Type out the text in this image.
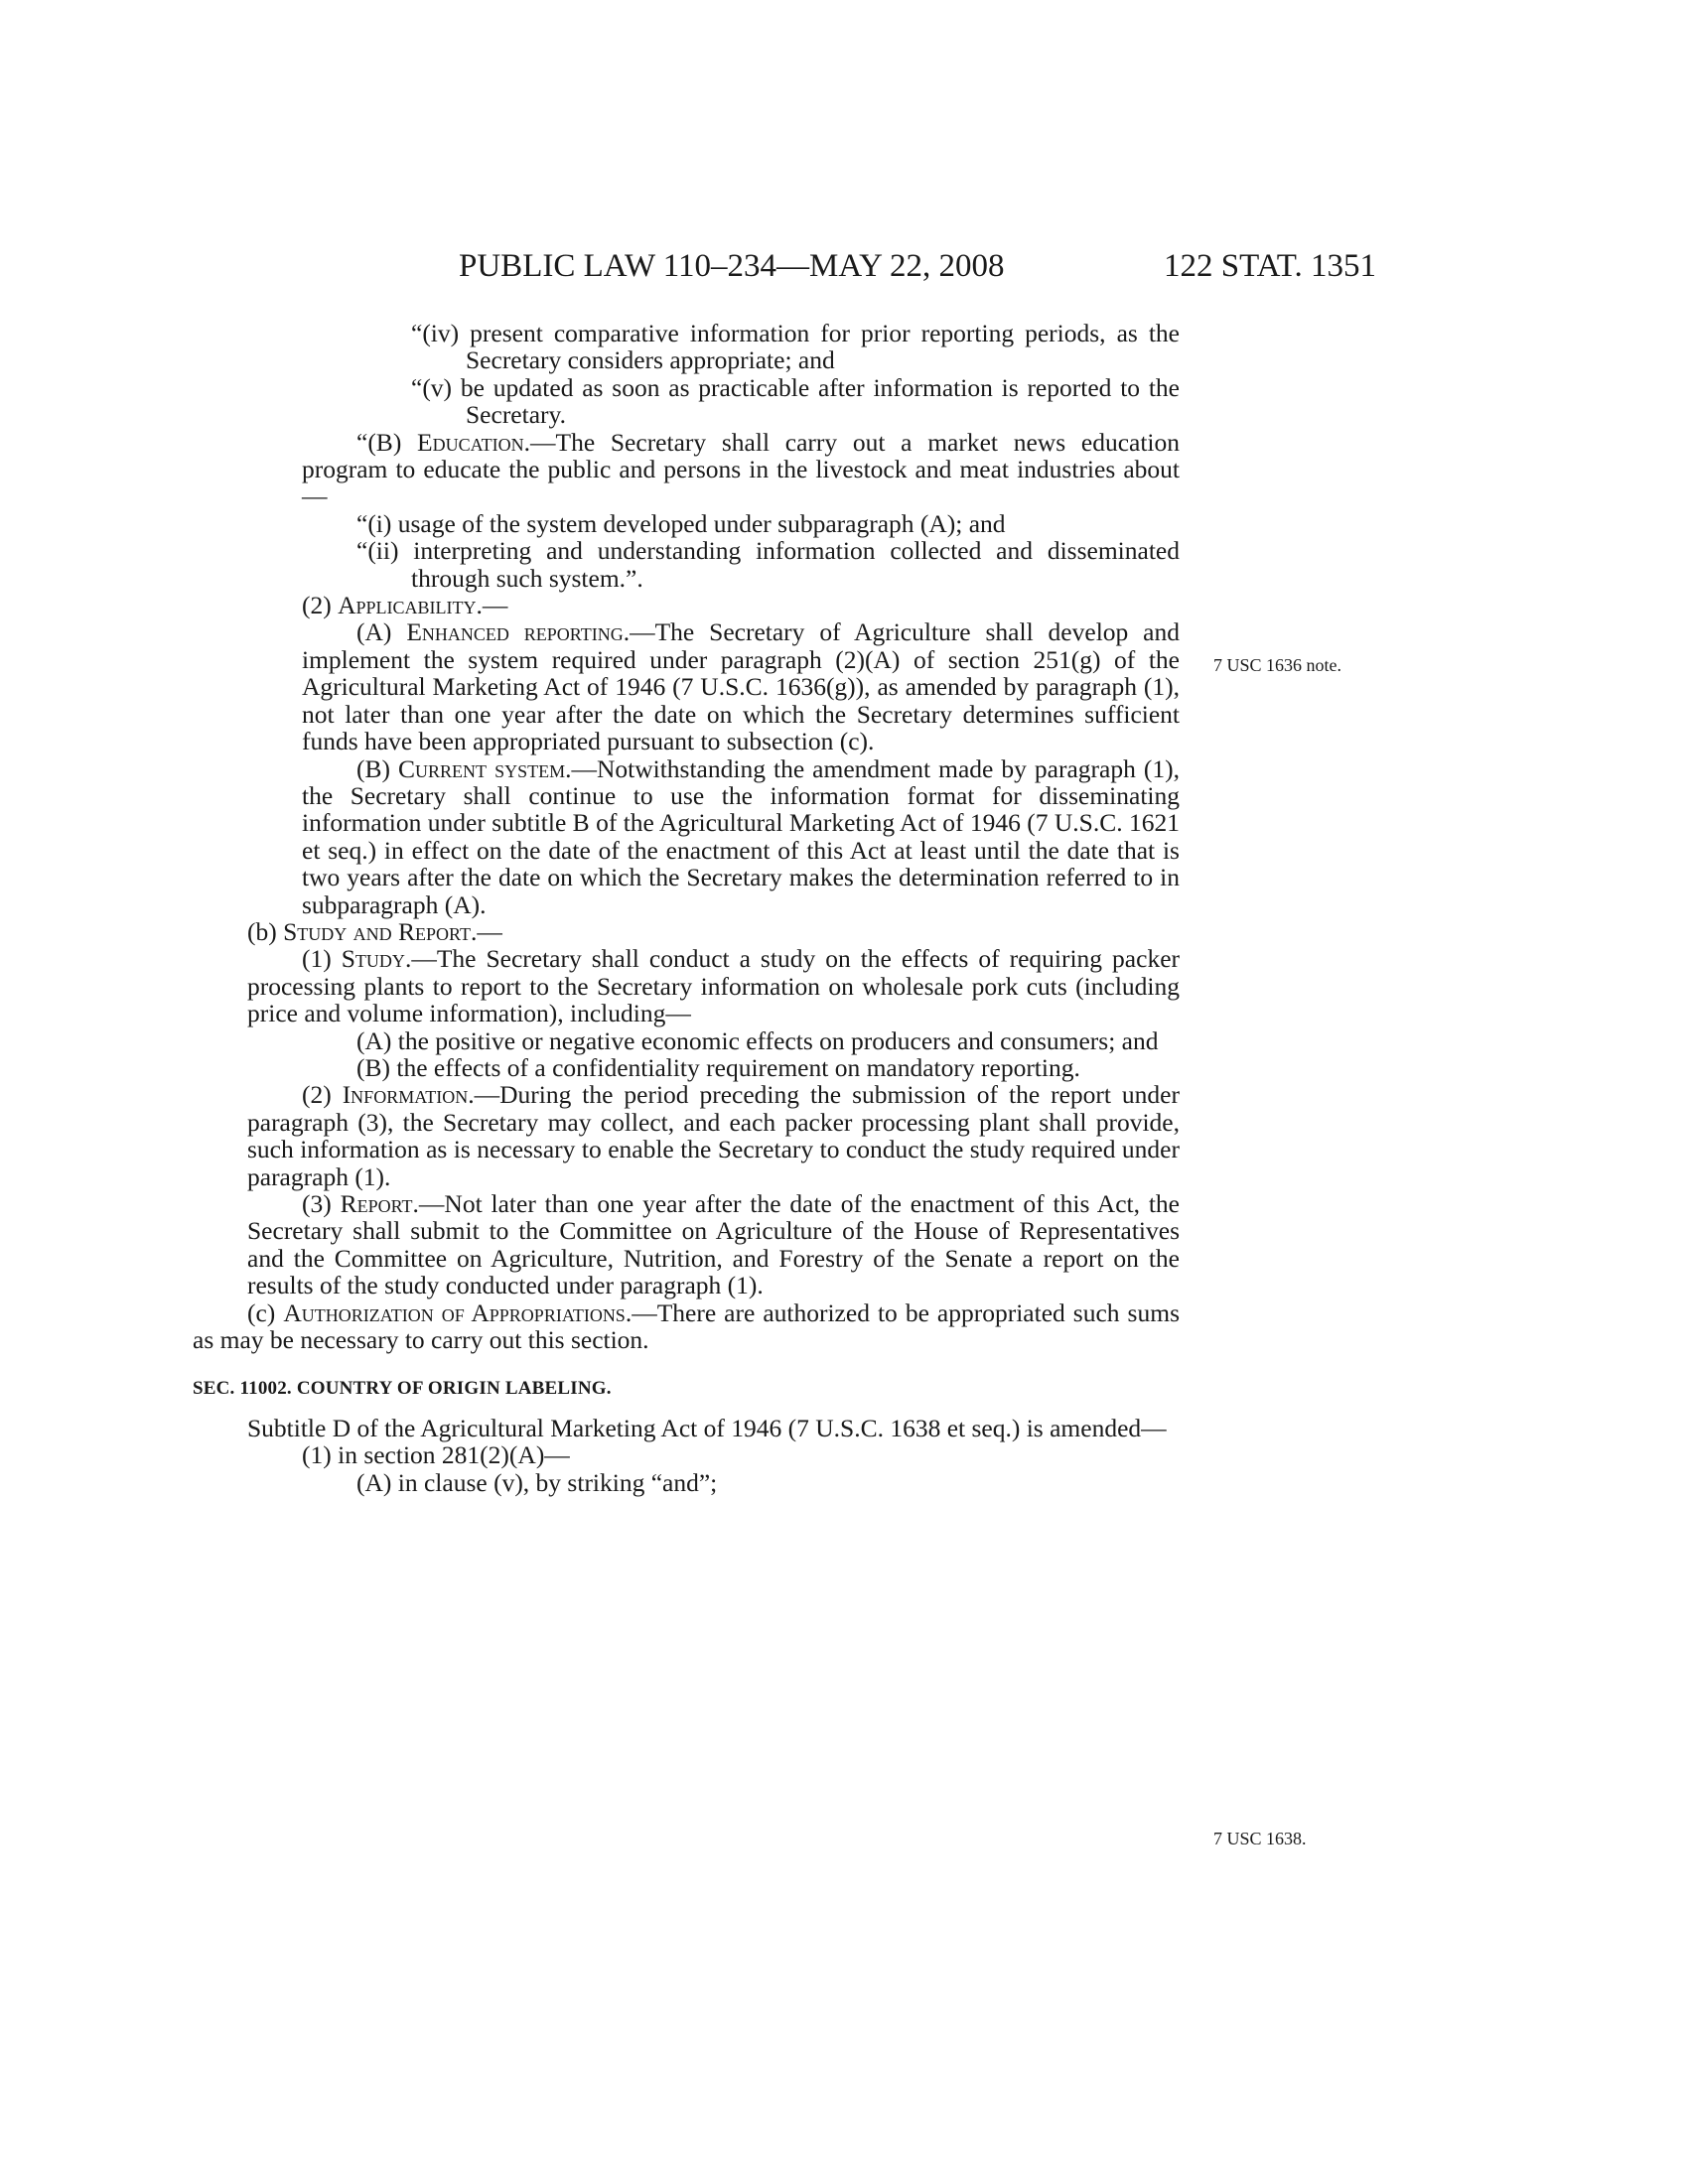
PUBLIC LAW 110–234—MAY 22, 2008	122 STAT. 1351
7 USC 1636 note.
7 USC 1638.

“(iv) present comparative information for prior reporting periods, as the Secretary considers appropriate; and

“(v) be updated as soon as practicable after information is reported to the Secretary.

“(B) Education.—The Secretary shall carry out a market news education program to educate the public and persons in the livestock and meat industries about—

“(i) usage of the system developed under subparagraph (A); and

“(ii) interpreting and understanding information collected and disseminated through such system.”.

(2) Applicability.—

(A) Enhanced reporting.—The Secretary of Agriculture shall develop and implement the system required under paragraph (2)(A) of section 251(g) of the Agricultural Marketing Act of 1946 (7 U.S.C. 1636(g)), as amended by paragraph (1), not later than one year after the date on which the Secretary determines sufficient funds have been appropriated pursuant to subsection (c).

(B) Current system.—Notwithstanding the amendment made by paragraph (1), the Secretary shall continue to use the information format for disseminating information under subtitle B of the Agricultural Marketing Act of 1946 (7 U.S.C. 1621 et seq.) in effect on the date of the enactment of this Act at least until the date that is two years after the date on which the Secretary makes the determination referred to in subparagraph (A).

(b) Study and Report.—

(1) Study.—The Secretary shall conduct a study on the effects of requiring packer processing plants to report to the Secretary information on wholesale pork cuts (including price and volume information), including—

(A) the positive or negative economic effects on producers and consumers; and

(B) the effects of a confidentiality requirement on mandatory reporting.

(2) Information.—During the period preceding the submission of the report under paragraph (3), the Secretary may collect, and each packer processing plant shall provide, such information as is necessary to enable the Secretary to conduct the study required under paragraph (1).

(3) Report.—Not later than one year after the date of the enactment of this Act, the Secretary shall submit to the Committee on Agriculture of the House of Representatives and the Committee on Agriculture, Nutrition, and Forestry of the Senate a report on the results of the study conducted under paragraph (1).

(c) Authorization of Appropriations.—There are authorized to be appropriated such sums as may be necessary to carry out this section.

SEC. 11002. COUNTRY OF ORIGIN LABELING.

Subtitle D of the Agricultural Marketing Act of 1946 (7 U.S.C. 1638 et seq.) is amended—

(1) in section 281(2)(A)—

(A) in clause (v), by striking “and”;
